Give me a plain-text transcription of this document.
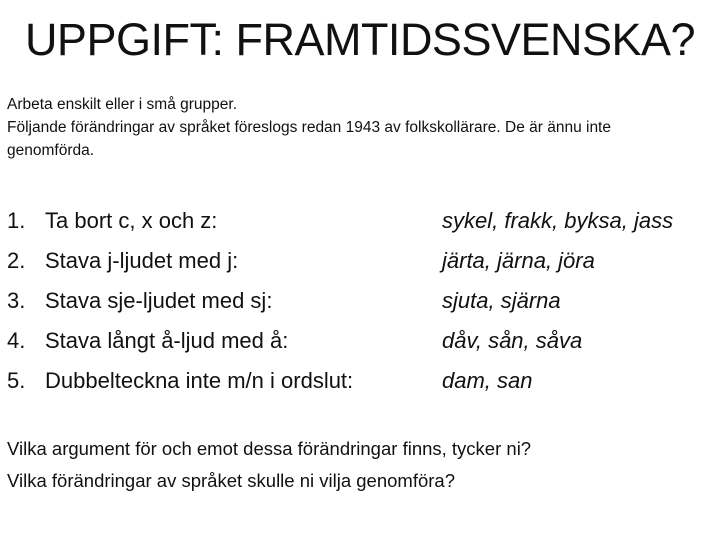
UPPGIFT: FRAMTIDSSVENSKA?

Arbeta enskilt eller i små grupper.

Följande förändringar av språket föreslogs redan 1943 av folkskollärare. De är ännu inte genomförda.

1. Ta bort c, x och z:	sykel, frakk, byksa, jass
2. Stava j-ljudet med j:	järta, järna, jöra
3. Stava sje-ljudet med sj:	sjuta, sjärna
4. Stava långt å-ljud med å:	dåv, sån, såva
5. Dubbelteckna inte m/n i ordslut:	dam, san

Vilka argument för och emot dessa förändringar finns, tycker ni?

Vilka förändringar av språket skulle ni vilja genomföra?
